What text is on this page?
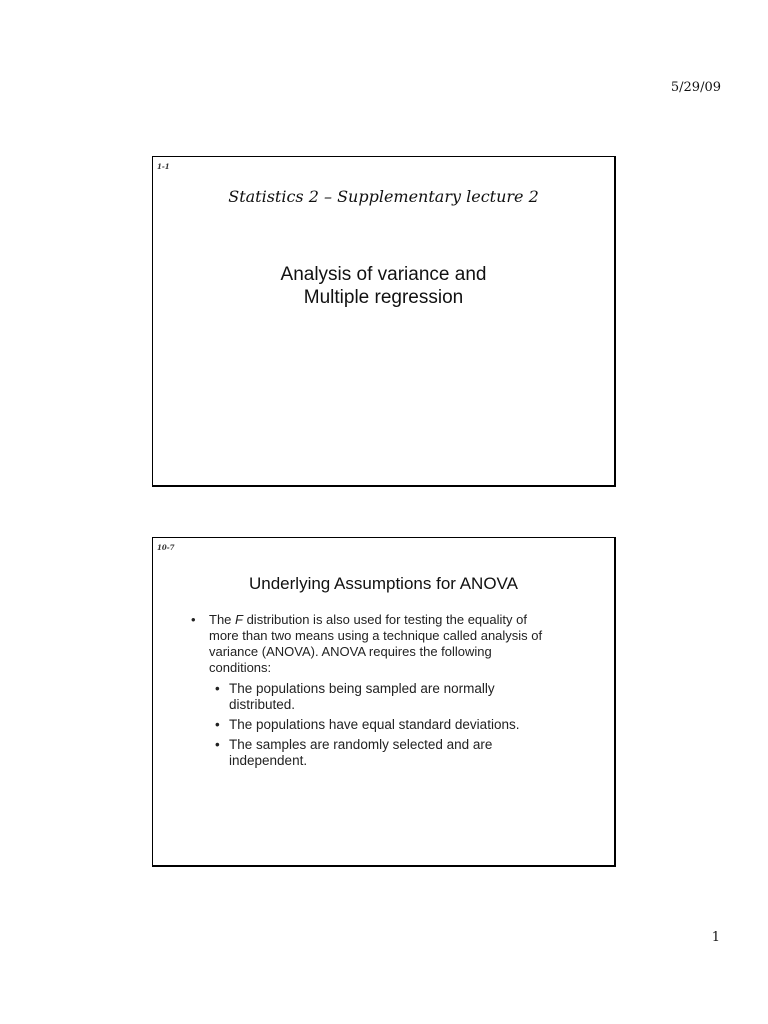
5/29/09
1-1
Statistics 2 – Supplementary lecture 2
Analysis of variance and
Multiple regression
10-7
Underlying Assumptions for ANOVA
• The F distribution is also used for testing the equality of more than two means using a technique called analysis of variance (ANOVA). ANOVA requires the following conditions:
• The populations being sampled are normally distributed.
• The populations have equal standard deviations.
• The samples are randomly selected and are independent.
1
